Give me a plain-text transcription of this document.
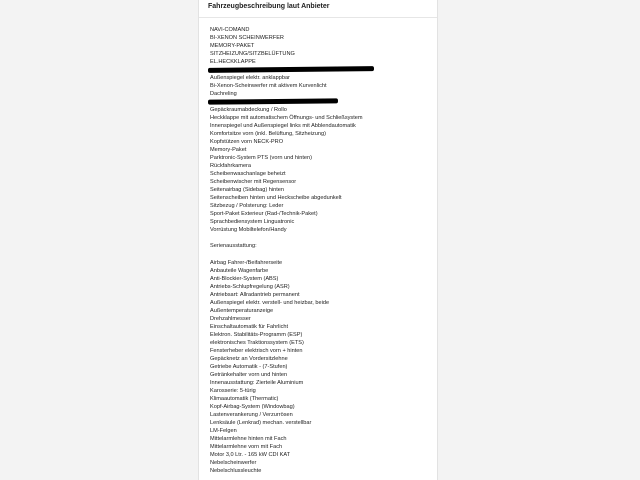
Fahrzeugbeschreibung laut Anbieter
NAVI-COMAND
BI-XENON SCHEINWERFER
MEMORY-PAKET
SITZHEIZUNG/SITZBELÜFTUNG
EL.HECKKLAPPE
Außenspiegel elektr. anklappbar
Bi-Xenon-Scheinwerfer mit aktivem Kurvenlicht
Dachreling
Gepäckraumabdeckung / Rollo
Heckklappe mit automatischem Öffnungs- und Schließsystem
Innenspiegel und Außenspiegel links mit Abblendautomatik
Komfortsitze vorn (inkl. Belüftung, Sitzheizung)
Kopfstützen vorn NECK-PRO
Memory-Paket
Parktronic-System PTS (vorn und hinten)
Rückfahrkamera
Scheibenwaschanlage beheizt
Scheibenwischer mit Regensensor
Seitenairbag (Sidebag) hinten
Seitenscheiben hinten und Heckscheibe abgedunkelt
Sitzbezug / Polsterung: Leder
Sport-Paket Exterieur (Rad-/Technik-Paket)
Sprachbediensystem Linguatronic
Vorrüstung Mobiltelefon/Handy
Serienausstattung:
Airbag Fahrer-/Beifahrerseite
Anbauteile Wagenfarbe
Anti-Blockier-System (ABS)
Antriebs-Schlupfregelung (ASR)
Antriebsart: Allradantrieb permanent
Außenspiegel elektr. verstell- und heizbar, beide
Außentemperaturanzeige
Drehzahlmesser
Einschaltautomatik für Fahrlicht
Elektron. Stabilitäts-Programm (ESP)
elektronisches Traktionssystem (ETS)
Fensterheber elektrisch vorn + hinten
Gepäcknetz an Vordersitzlehne
Getriebe Automatik - (7-Stufen)
Getränkehalter vorn und hinten
Innenausstattung: Zierteile Aluminium
Karosserie: 5-türig
Klimaautomatik (Thermatic)
Kopf-Airbag-System (Windowbag)
Lastenverankerung / Verzurrösen
Lenksäule (Lenkrad) mechan. verstellbar
LM-Felgen
Mittelarmlehne hinten mit Fach
Mittelarmlehne vorn mit Fach
Motor 3,0 Ltr. - 165 kW CDI KAT
Nebelscheinwerfer
Nebelschlussleuchte
